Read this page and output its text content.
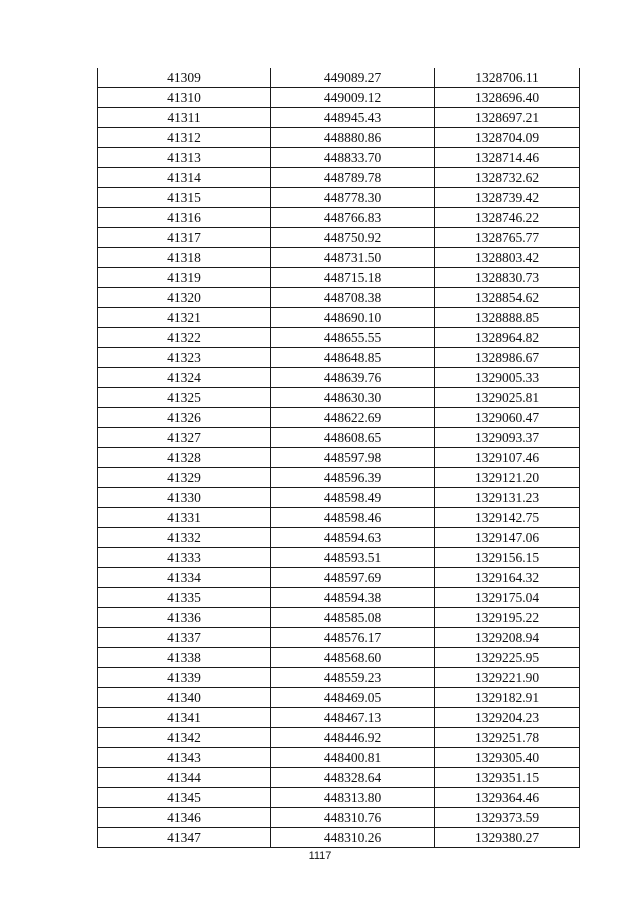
41309	449089.27	1328706.11
41310	449009.12	1328696.40
41311	448945.43	1328697.21
41312	448880.86	1328704.09
41313	448833.70	1328714.46
41314	448789.78	1328732.62
41315	448778.30	1328739.42
41316	448766.83	1328746.22
41317	448750.92	1328765.77
41318	448731.50	1328803.42
41319	448715.18	1328830.73
41320	448708.38	1328854.62
41321	448690.10	1328888.85
41322	448655.55	1328964.82
41323	448648.85	1328986.67
41324	448639.76	1329005.33
41325	448630.30	1329025.81
41326	448622.69	1329060.47
41327	448608.65	1329093.37
41328	448597.98	1329107.46
41329	448596.39	1329121.20
41330	448598.49	1329131.23
41331	448598.46	1329142.75
41332	448594.63	1329147.06
41333	448593.51	1329156.15
41334	448597.69	1329164.32
41335	448594.38	1329175.04
41336	448585.08	1329195.22
41337	448576.17	1329208.94
41338	448568.60	1329225.95
41339	448559.23	1329221.90
41340	448469.05	1329182.91
41341	448467.13	1329204.23
41342	448446.92	1329251.78
41343	448400.81	1329305.40
41344	448328.64	1329351.15
41345	448313.80	1329364.46
41346	448310.76	1329373.59
41347	448310.26	1329380.27
1117
